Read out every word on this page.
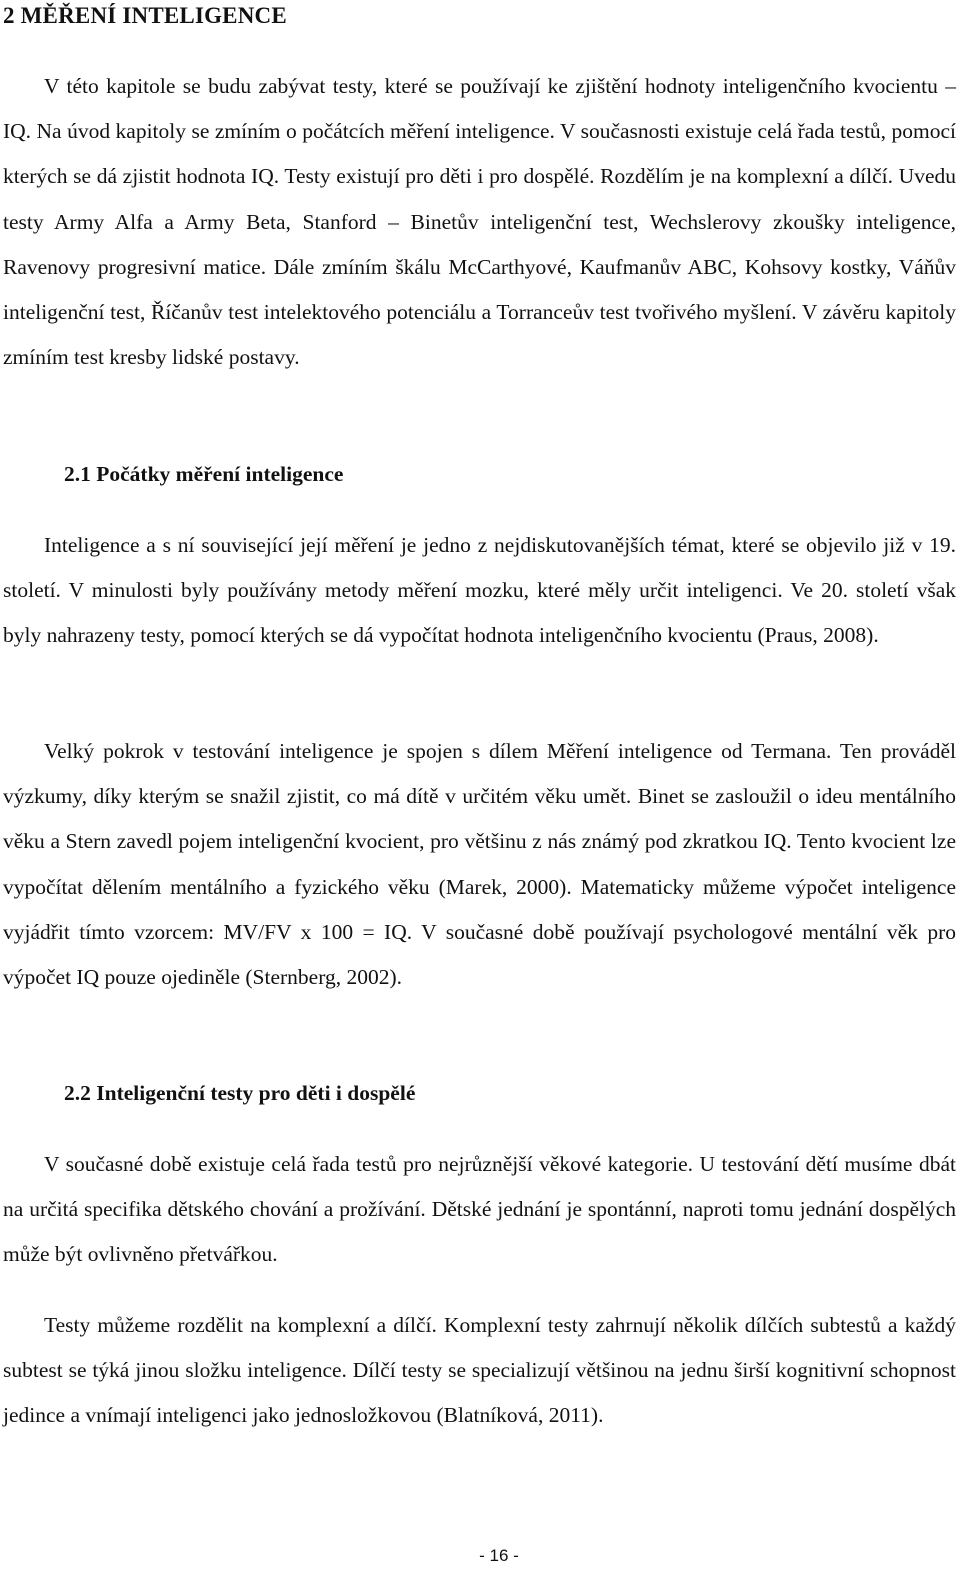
2 MĚŘENÍ INTELIGENCE

V této kapitole se budu zabývat testy, které se používají ke zjištění hodnoty inteligenčního kvocientu – IQ. Na úvod kapitoly se zmíním o počátcích měření inteligence. V současnosti existuje celá řada testů, pomocí kterých se dá zjistit hodnota IQ. Testy existují pro děti i pro dospělé. Rozdělím je na komplexní a dílčí. Uvedu testy Army Alfa a Army Beta, Stanford – Binetův inteligenční test, Wechslerovy zkoušky inteligence, Ravenovy progresivní matice. Dále zmíním škálu McCarthyové, Kaufmanův ABC, Kohsovy kostky, Váňův inteligenční test, Říčanův test intelektového potenciálu a Torranceův test tvořivého myšlení. V závěru kapitoly zmíním test kresby lidské postavy.

2.1 Počátky měření inteligence

Inteligence a s ní související její měření je jedno z nejdiskutovanějších témat, které se objevilo již v 19. století. V minulosti byly používány metody měření mozku, které měly určit inteligenci. Ve 20. století však byly nahrazeny testy, pomocí kterých se dá vypočítat hodnota inteligenčního kvocientu (Praus, 2008).

Velký pokrok v testování inteligence je spojen s dílem Měření inteligence od Termana. Ten prováděl výzkumy, díky kterým se snažil zjistit, co má dítě v určitém věku umět. Binet se zasloužil o ideu mentálního věku a Stern zavedl pojem inteligenční kvocient, pro většinu z nás známý pod zkratkou IQ. Tento kvocient lze vypočítat dělením mentálního a fyzického věku (Marek, 2000). Matematicky můžeme výpočet inteligence vyjádřit tímto vzorcem: MV/FV x 100 = IQ. V současné době používají psychologové mentální věk pro výpočet IQ pouze ojediněle (Sternberg, 2002).

2.2 Inteligenční testy pro děti i dospělé

V současné době existuje celá řada testů pro nejrůznější věkové kategorie. U testování dětí musíme dbát na určitá specifika dětského chování a prožívání. Dětské jednání je spontánní, naproti tomu jednání dospělých může být ovlivněno přetvářkou.

Testy můžeme rozdělit na komplexní a dílčí. Komplexní testy zahrnují několik dílčích subtestů a každý subtest se týká jinou složku inteligence. Dílčí testy se specializují většinou na jednu širší kognitivní schopnost jedince a vnímají inteligenci jako jednosložkovou (Blatníková, 2011).

- 16 -
